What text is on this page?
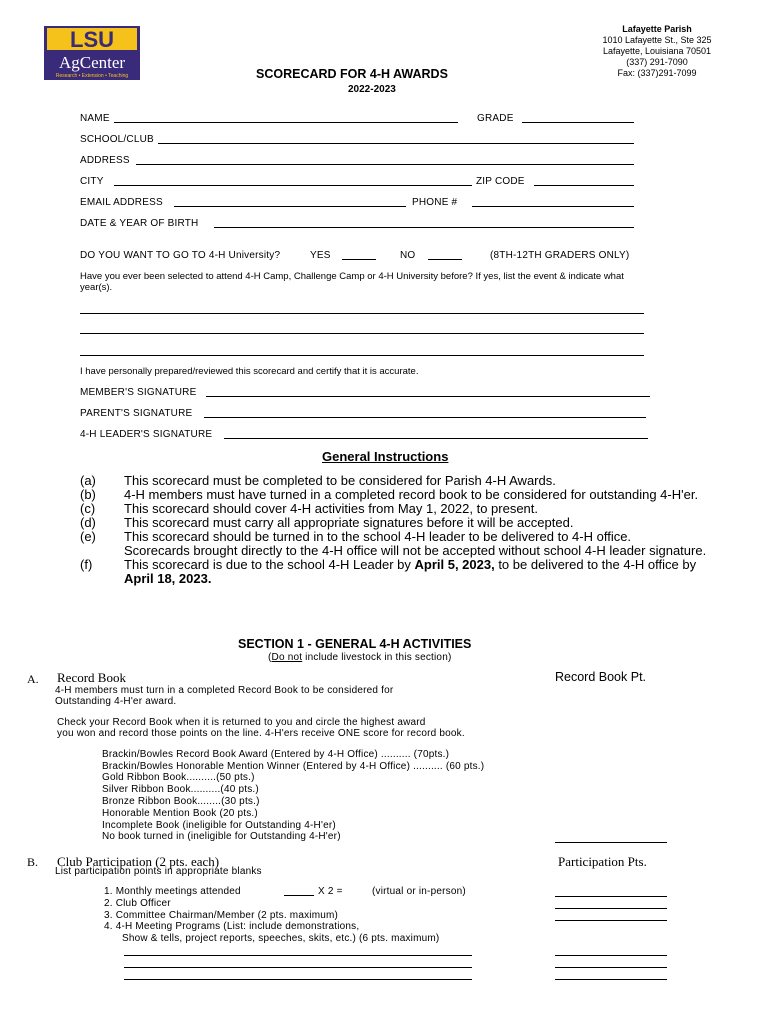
LSU
AgCenter
Research • Extension • Teaching
Lafayette Parish
1010 Lafayette St., Ste 325
Lafayette, Louisiana 70501
(337) 291-7090
Fax: (337)291-7099
SCORECARD FOR 4-H AWARDS
2022-2023
NAME	GRADE
SCHOOL/CLUB
ADDRESS
CITY	ZIP CODE
EMAIL ADDRESS	PHONE #
DATE & YEAR OF BIRTH
DO YOU WANT TO GO TO 4-H University?	YES	NO	(8TH-12TH GRADERS ONLY)
Have you ever been selected to attend 4-H Camp, Challenge Camp or 4-H University before? If yes, list the event & indicate what
year(s).
I have personally prepared/reviewed this scorecard and certify that it is accurate.
MEMBER'S SIGNATURE
PARENT'S SIGNATURE
4-H LEADER'S SIGNATURE
General Instructions
(a)	This scorecard must be completed to be considered for Parish 4-H Awards.
(b)	4-H members must have turned in a completed record book to be considered for outstanding 4-H'er.
(c)	This scorecard should cover 4-H activities from May 1, 2022, to present.
(d)	This scorecard must carry all appropriate signatures before it will be accepted.
(e)	This scorecard should be turned in to the school 4-H leader to be delivered to 4-H office.
Scorecards brought directly to the 4-H office will not be accepted without school 4-H leader signature.
(f)	This scorecard is due to the school 4-H Leader by April 5, 2023, to be delivered to the 4-H office by April 18, 2023.
SECTION 1 - GENERAL 4-H ACTIVITIES
(Do not include livestock in this section)
A. Record Book	Record Book Pt.
4-H members must turn in a completed Record Book to be considered for
Outstanding 4-H'er award.
Check your Record Book when it is returned to you and circle the highest award
you won and record those points on the line. 4-H'ers receive ONE score for record book.
Brackin/Bowles Record Book Award (Entered by 4-H Office) .......... (70pts.)
Brackin/Bowles Honorable Mention Winner (Entered by 4-H Office) .......... (60 pts.)
Gold Ribbon Book..........(50 pts.)
Silver Ribbon Book..........(40 pts.)
Bronze Ribbon Book........(30 pts.)
Honorable Mention Book (20 pts.)
Incomplete Book (ineligible for Outstanding 4-H'er)
No book turned in (ineligible for Outstanding 4-H'er)
B. Club Participation (2 pts. each)	Participation Pts.
List participation points in appropriate blanks
1. Monthly meetings attended	X 2 =	(virtual or in-person)
2. Club Officer
3. Committee Chairman/Member (2 pts. maximum)
4. 4-H Meeting Programs (List: include demonstrations,
Show & tells, project reports, speeches, skits, etc.) (6 pts. maximum)
